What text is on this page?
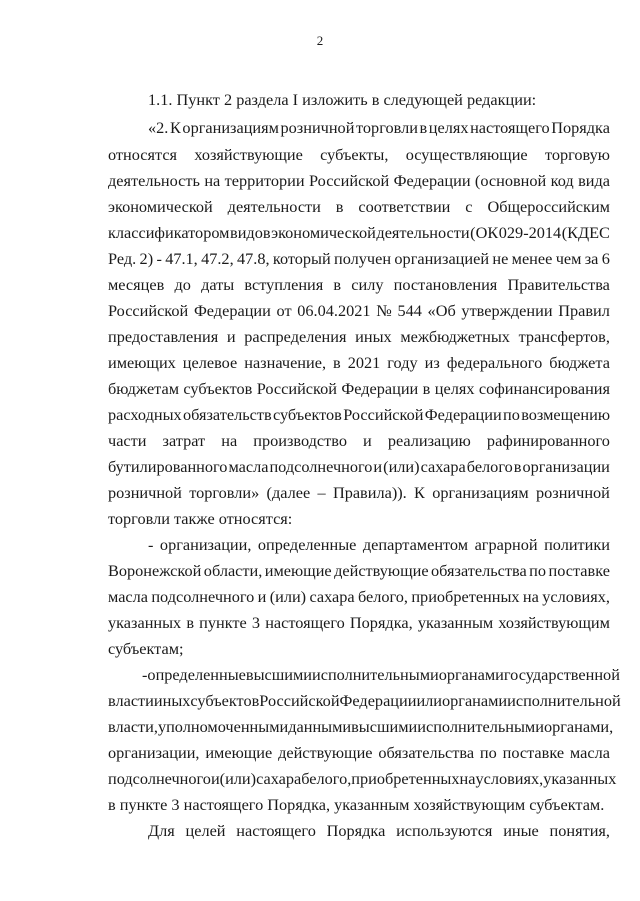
2
1.1. Пункт 2 раздела I изложить в следующей редакции:
«2. К организациям розничной торговли в целях настоящего Порядка
относятся хозяйствующие субъекты, осуществляющие торговую
деятельность на территории Российской Федерации (основной код вида
экономической деятельности в соответствии с Общероссийским
классификатором видов экономической деятельности (ОК 029-2014 (КДЕС
Ред. 2) - 47.1, 47.2, 47.8, который получен организацией не менее чем за 6
месяцев до даты вступления в силу постановления Правительства
Российской Федерации от 06.04.2021 № 544 «Об утверждении Правил
предоставления и распределения иных межбюджетных трансфертов,
имеющих целевое назначение, в 2021 году из федерального бюджета
бюджетам субъектов Российской Федерации в целях софинансирования
расходных обязательств субъектов Российской Федерации по возмещению
части затрат на производство и реализацию рафинированного
бутилированного масла подсолнечного и (или) сахара белого в организации
розничной торговли» (далее – Правила)). К организациям розничной
торговли также относятся:
- организации, определенные департаментом аграрной политики
Воронежской области, имеющие действующие обязательства по поставке
масла подсолнечного и (или) сахара белого, приобретенных на условиях,
указанных в пункте 3 настоящего Порядка, указанным хозяйствующим
субъектам;
- определенные высшими исполнительными органами государственной
власти иных субъектов Российской Федерации или органами исполнительной
власти, уполномоченными данными высшими исполнительными органами,
организации, имеющие действующие обязательства по поставке масла
подсолнечного и (или) сахара белого, приобретенных на условиях, указанных
в пункте 3 настоящего Порядка, указанным хозяйствующим субъектам.
Для целей настоящего Порядка используются иные понятия,
